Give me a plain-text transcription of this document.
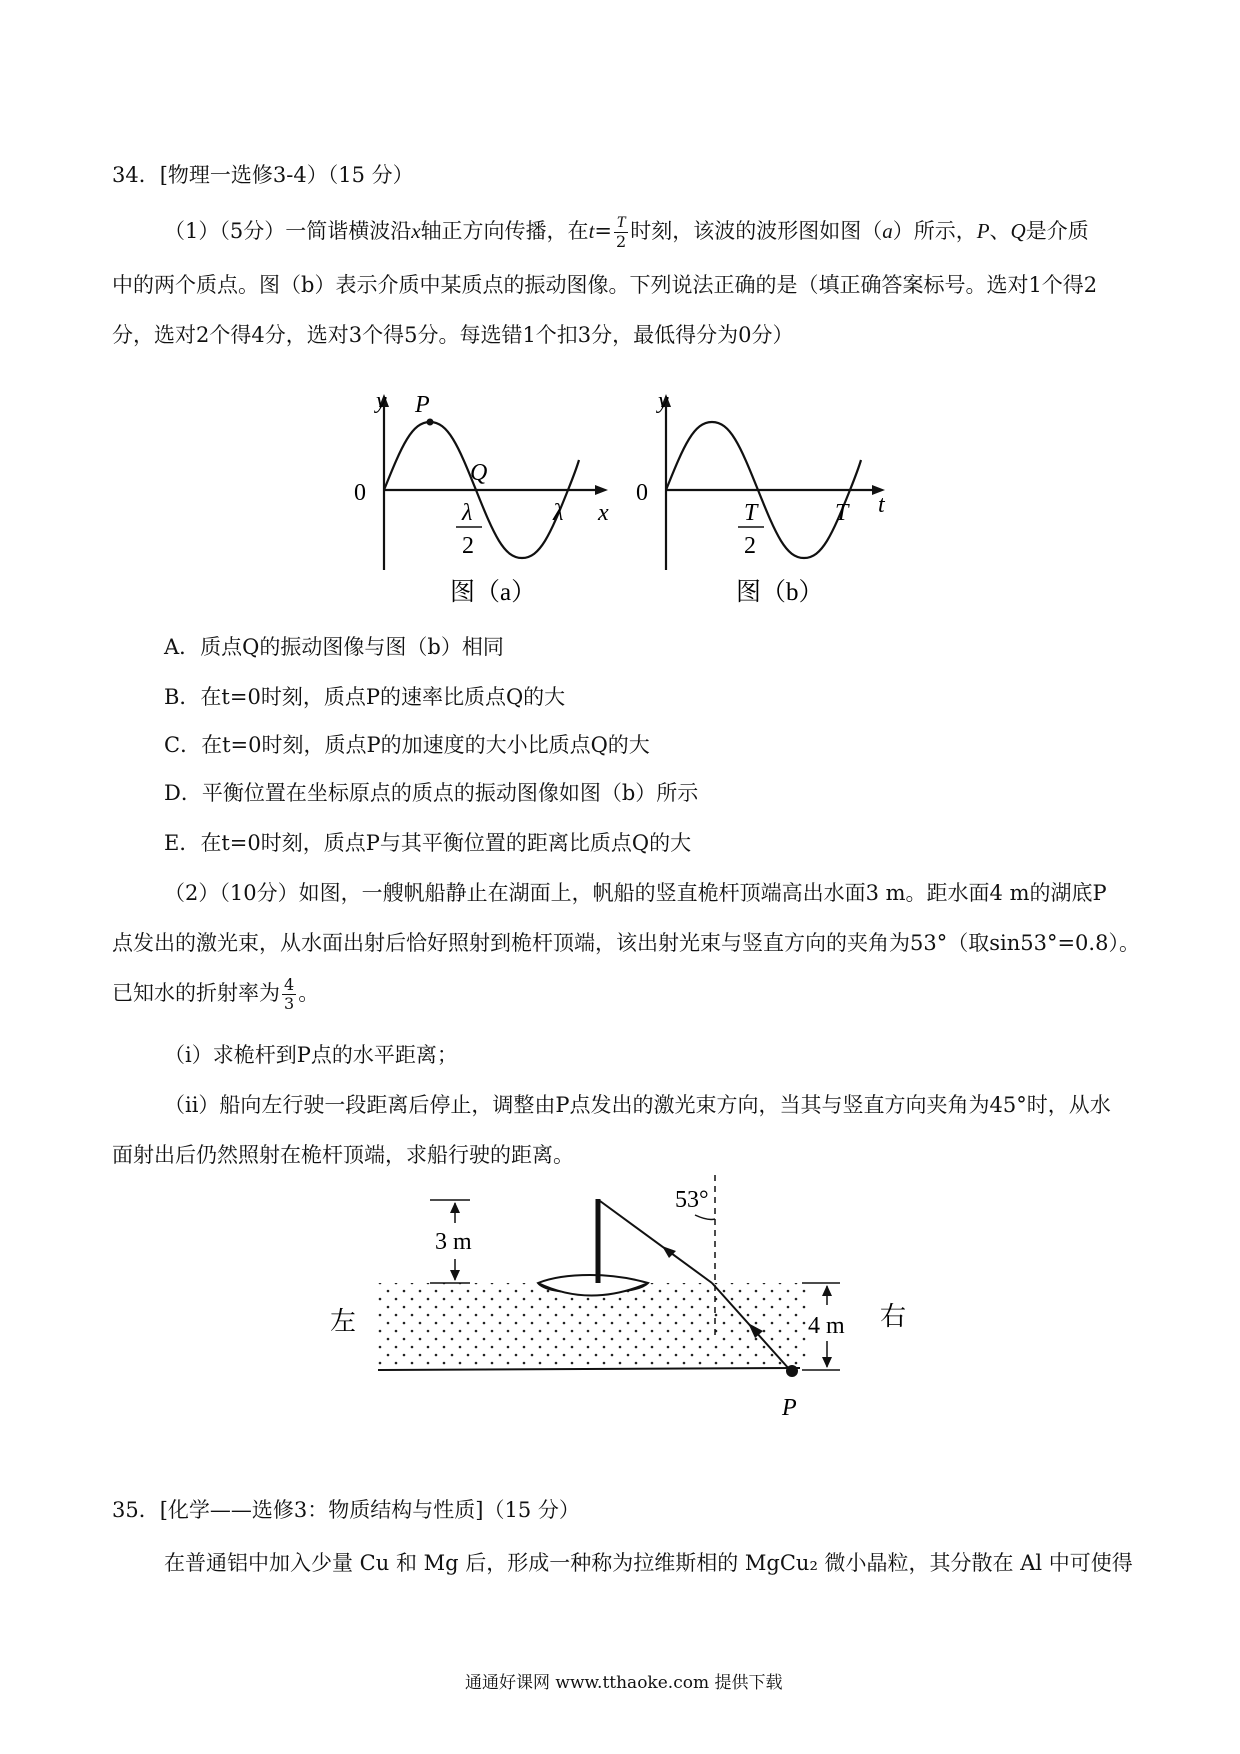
34．[物理一选修3-4）（15 分）
（1）（5分）一简谐横波沿x轴正方向传播，在$t= \frac{T}{2}$ 时刻，该波的波形图如图（a）所示，P、Q是介质
中的两个质点。图（b）表示介质中某质点的振动图像。下列说法正确的是（填正确答案标号。选对1个得2
分，选对2个得4分，选对3个得5分。每选错1个扣3分，最低得分为0分）
y P
Q
0
λ
2
λ x
图（a）
y
0
T
2
T t
图（b）
A．质点Q的振动图像与图（b）相同
B．在t=0时刻，质点P的速率比质点Q的大
C．在t=0时刻，质点P的加速度的大小比质点Q的大
D．平衡位置在坐标原点的质点的振动图像如图（b）所示
E．在t=0时刻，质点P与其平衡位置的距离比质点Q的大
（2）（10分）如图，一艘帆船静止在湖面上，帆船的竖直桅杆顶端高出水面3 m。距水面4 m的湖底P
点发出的激光束，从水面出射后恰好照射到桅杆顶端，该出射光束与竖直方向的夹角为53°（取sin53°=0.8）。
已知水的折射率为 $\frac{4}{3}$ 。
（i）求桅杆到P点的水平距离；
（ii）船向左行驶一段距离后停止，调整由P点发出的激光束方向，当其与竖直方向夹角为45°时，从水
面射出后仍然照射在桅杆顶端，求船行驶的距离。
3 m
53°
4 m
左	右
P
35．[化学——选修3：物质结构与性质]（15 分）
在普通铝中加入少量 Cu 和 Mg 后，形成一种称为拉维斯相的 MgCu₂ 微小晶粒，其分散在 Al 中可使得
通通好课网 www.tthaoke.com 提供下载
